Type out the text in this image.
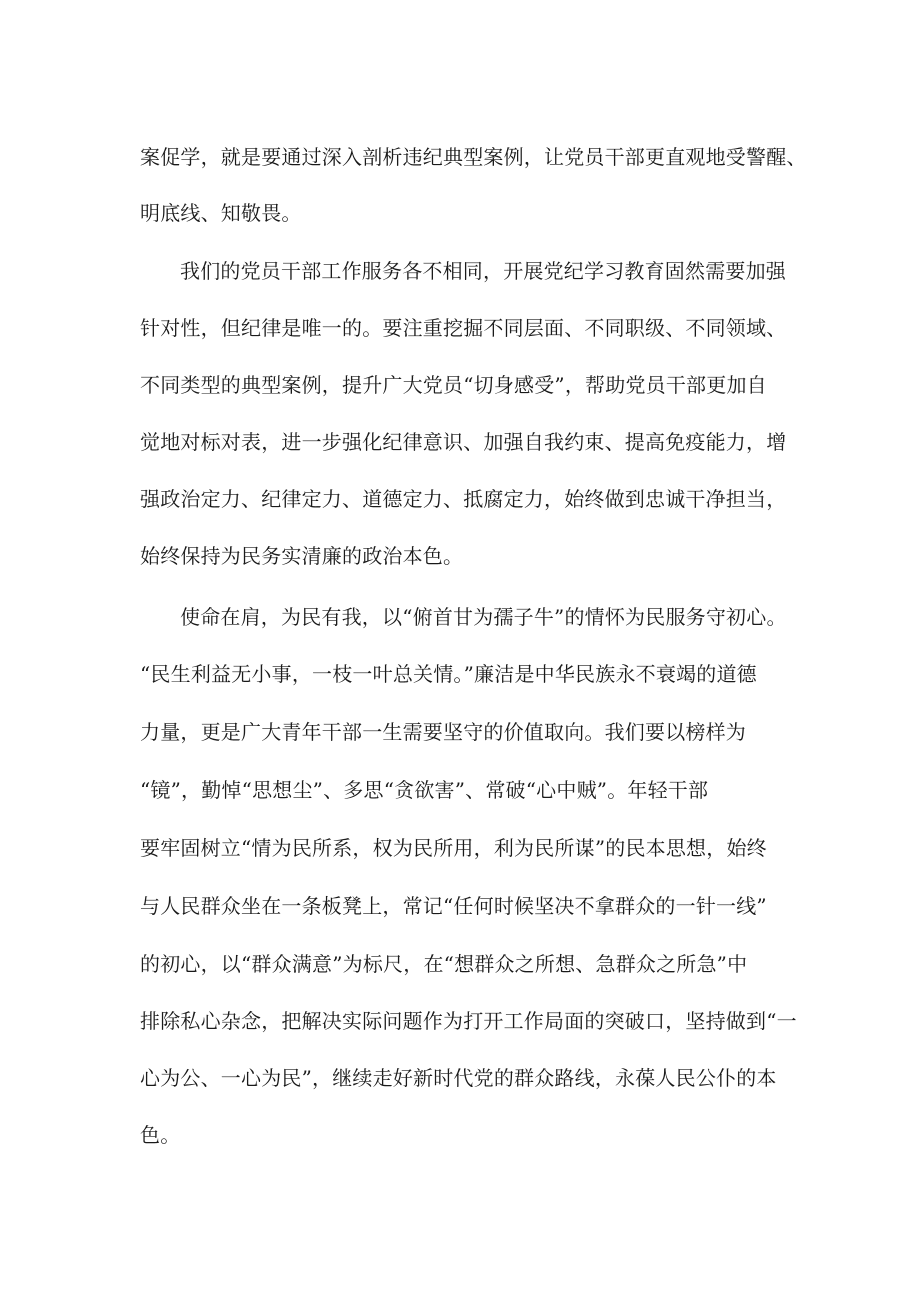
案促学，就是要通过深入剖析违纪典型案例，让党员干部更直观地受警醒、
明底线、知敬畏。
我们的党员干部工作服务各不相同，开展党纪学习教育固然需要加强
针对性，但纪律是唯一的。要注重挖掘不同层面、不同职级、不同领域、
不同类型的典型案例，提升广大党员“切身感受”，帮助党员干部更加自
觉地对标对表，进一步强化纪律意识、加强自我约束、提高免疫能力，增
强政治定力、纪律定力、道德定力、抵腐定力，始终做到忠诚干净担当，
始终保持为民务实清廉的政治本色。
使命在肩，为民有我，以“俯首甘为孺子牛”的情怀为民服务守初心。
“民生利益无小事，一枝一叶总关情。”廉洁是中华民族永不衰竭的道德
力量，更是广大青年干部一生需要坚守的价值取向。我们要以榜样为
“镜”，勤悼“思想尘”、多思“贪欲害”、常破“心中贼”。年轻干部
要牢固树立“情为民所系，权为民所用，利为民所谋”的民本思想，始终
与人民群众坐在一条板凳上，常记“任何时候坚决不拿群众的一针一线”
的初心，以“群众满意”为标尺，在“想群众之所想、急群众之所急”中
排除私心杂念，把解决实际问题作为打开工作局面的突破口，坚持做到“一
心为公、一心为民”，继续走好新时代党的群众路线，永葆人民公仆的本
色。
